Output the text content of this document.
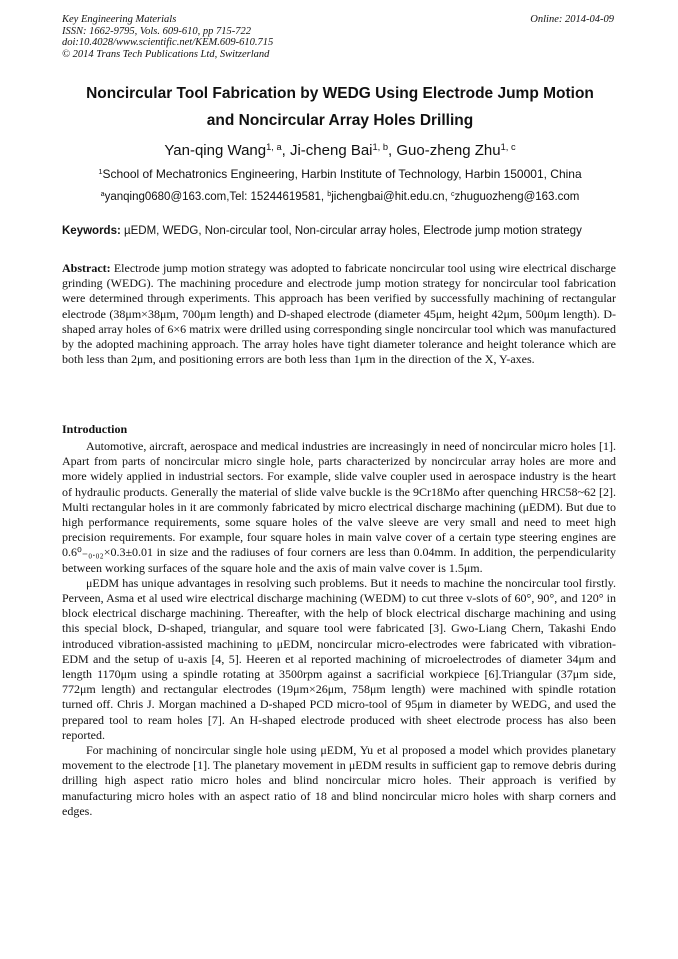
Key Engineering Materials
ISSN: 1662-9795, Vols. 609-610, pp 715-722
doi:10.4028/www.scientific.net/KEM.609-610.715
© 2014 Trans Tech Publications Ltd, Switzerland
Online: 2014-04-09
Noncircular Tool Fabrication by WEDG Using Electrode Jump Motion
and Noncircular Array Holes Drilling
Yan-qing Wang$^{1, a}$, Ji-cheng Bai$^{1, b}$, Guo-zheng Zhu$^{1, c}$
$^1$School of Mechatronics Engineering, Harbin Institute of Technology, Harbin 150001, China
$^a$yanqing0680@163.com,Tel: 15244619581, $^b$jichengbai@hit.edu.cn, $^c$zhuguozheng@163.com
Keywords: µEDM, WEDG, Non-circular tool, Non-circular array holes, Electrode jump motion strategy
Abstract: Electrode jump motion strategy was adopted to fabricate noncircular tool using wire electrical discharge grinding (WEDG). The machining procedure and electrode jump motion strategy for noncircular tool fabrication were determined through experiments. This approach has been verified by successfully machining of rectangular electrode (38μm×38μm, 700μm length) and D-shaped electrode (diameter 45μm, height 42μm, 500μm length). D-shaped array holes of 6×6 matrix were drilled using corresponding single noncircular tool which was manufactured by the adopted machining approach. The array holes have tight diameter tolerance and height tolerance which are both less than 2μm, and positioning errors are both less than 1μm in the direction of the X, Y-axes.
Introduction

Automotive, aircraft, aerospace and medical industries are increasingly in need of noncircular micro holes [1]. Apart from parts of noncircular micro single hole, parts characterized by noncircular array holes are more and more widely applied in industrial sectors. For example, slide valve coupler used in aerospace industry is the heart of hydraulic products. Generally the material of slide valve buckle is the 9Cr18Mo after quenching HRC58~62 [2]. Multi rectangular holes in it are commonly fabricated by micro electrical discharge machining (μEDM). But due to high performance requirements, some square holes of the valve sleeve are very small and need to meet high precision requirements. For example, four square holes in main valve cover of a certain type steering engines are 0.6⁰₋₀.₀₂×0.3±0.01 in size and the radiuses of four corners are less than 0.04mm. In addition, the perpendicularity between working surfaces of the square hole and the axis of main valve cover is 1.5μm.

μEDM has unique advantages in resolving such problems. But it needs to machine the noncircular tool firstly. Perveen, Asma et al used wire electrical discharge machining (WEDM) to cut three v-slots of 60°, 90°, and 120° in block electrical discharge machining. Thereafter, with the help of block electrical discharge machining and using this special block, D-shaped, triangular, and square tool were fabricated [3]. Gwo-Liang Chern, Takashi Endo introduced vibration-assisted machining to μEDM, noncircular micro-electrodes were fabricated with vibration-EDM and the setup of u-axis [4, 5]. Heeren et al reported machining of microelectrodes of diameter 34μm and length 1170μm using a spindle rotating at 3500rpm against a sacrificial workpiece [6].Triangular (37μm side, 772μm length) and rectangular electrodes (19μm×26μm, 758μm length) were machined with spindle rotation turned off. Chris J. Morgan machined a D-shaped PCD micro-tool of 95μm in diameter by WEDG, and used the prepared tool to ream holes [7]. An H-shaped electrode produced with sheet electrode process has also been reported.

For machining of noncircular single hole using μEDM, Yu et al proposed a model which provides planetary movement to the electrode [1]. The planetary movement in μEDM results in sufficient gap to remove debris during drilling high aspect ratio micro holes and blind noncircular micro holes. Their approach is verified by manufacturing micro holes with an aspect ratio of 18 and blind noncircular micro holes with sharp corners and edges.
